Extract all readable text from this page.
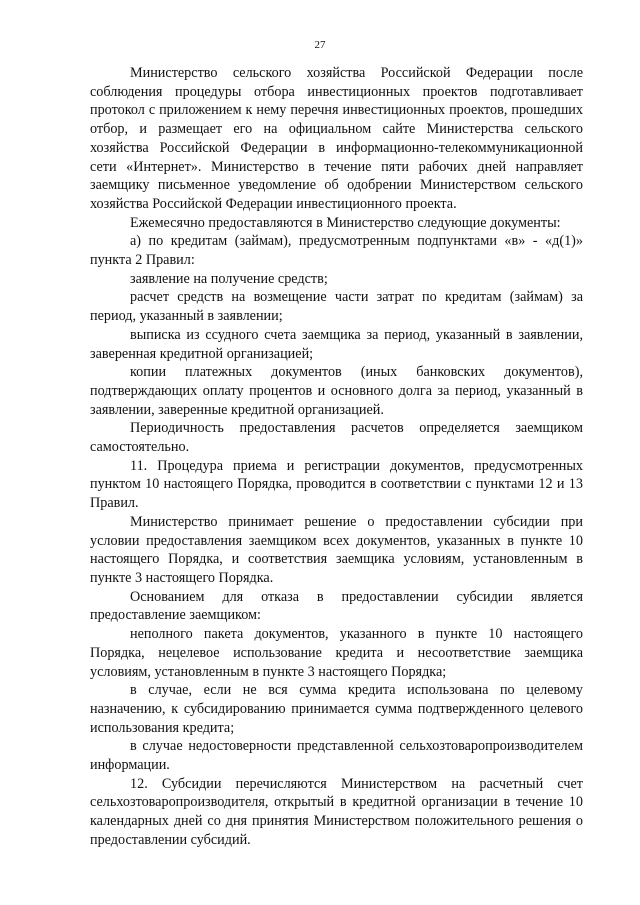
27

Министерство сельского хозяйства Российской Федерации после соблюдения процедуры отбора инвестиционных проектов подготавливает протокол с приложением к нему перечня инвестиционных проектов, прошедших отбор, и размещает его на официальном сайте Министерства сельского хозяйства Российской Федерации в информационно-телекоммуникационной сети «Интернет». Министерство в течение пяти рабочих дней направляет заемщику письменное уведомление об одобрении Министерством сельского хозяйства Российской Федерации инвестиционного проекта.

Ежемесячно предоставляются в Министерство следующие документы:

а) по кредитам (займам), предусмотренным подпунктами «в» - «д(1)» пункта 2 Правил:

заявление на получение средств;

расчет средств на возмещение части затрат по кредитам (займам) за период, указанный в заявлении;

выписка из ссудного счета заемщика за период, указанный в заявлении, заверенная кредитной организацией;

копии платежных документов (иных банковских документов), подтверждающих оплату процентов и основного долга за период, указанный в заявлении, заверенные кредитной организацией.

Периодичность предоставления расчетов определяется заемщиком самостоятельно.

11. Процедура приема и регистрации документов, предусмотренных пунктом 10 настоящего Порядка, проводится в соответствии с пунктами 12 и 13 Правил.

Министерство принимает решение о предоставлении субсидии при условии предоставления заемщиком всех документов, указанных в пункте 10 настоящего Порядка, и соответствия заемщика условиям, установленным в пункте 3 настоящего Порядка.

Основанием для отказа в предоставлении субсидии является предоставление заемщиком:

неполного пакета документов, указанного в пункте 10 настоящего Порядка, нецелевое использование кредита и несоответствие заемщика условиям, установленным в пункте 3 настоящего Порядка;

в случае, если не вся сумма кредита использована по целевому назначению, к субсидированию принимается сумма подтвержденного целевого использования кредита;

в случае недостоверности представленной сельхозтоваропроизводителем информации.

12. Субсидии перечисляются Министерством на расчетный счет сельхозтоваропроизводителя, открытый в кредитной организации в течение 10 календарных дней со дня принятия Министерством положительного решения о предоставлении субсидий.
